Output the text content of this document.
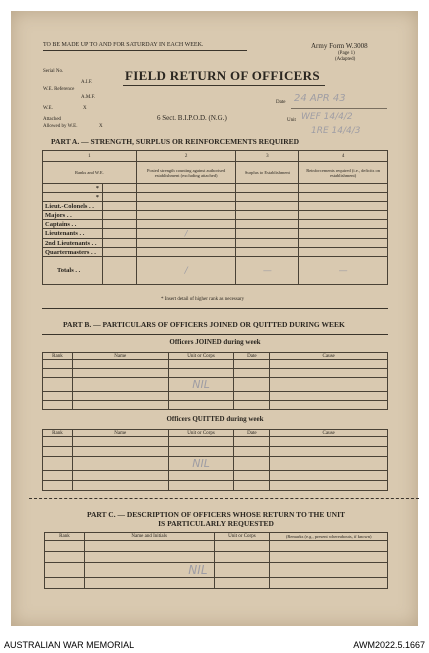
TO BE MADE UP TO AND FOR SATURDAY IN EACH WEEK.	Army Form W.3008
(Page 1)
(Adapted)
FIELD RETURN OF OFFICERS
Serial No.
A.I.F.
W.E. Reference
A.M.F.
W.E.	X
Attached
Allowed by W.E.	X
Date 24 APR 43
6 Sect. B.I.P.O.D. (N.G.)	Unit WEF 14/4/2
1RE 14/4/3
PART A. — STRENGTH, SURPLUS OR REINFORCEMENTS REQUIRED
1		2	3	4
Ranks and W.E.		Posted strength counting against authorised establishment (excluding attached)	Surplus to Establishment	Reinforcements required (i.e., deficits on establishment)
*				
*				
Lieut.-Colonels . .				
Majors . .				
Captains . .				
Lieutenants . .		/		
2nd Lieutenants . .				
Quartermasters . .				
Totals . .		/	—	—
* Insert detail of higher rank as necessary
PART B. — PARTICULARS OF OFFICERS JOINED OR QUITTED DURING WEEK
Officers JOINED during week
Rank	Name	Unit or Corps	Date	Cause

		NIL		

Officers QUITTED during week
Rank	Name	Unit or Corps	Date	Cause

		NIL		

PART C. — DESCRIPTION OF OFFICERS WHOSE RETURN TO THE UNIT
IS PARTICULARLY REQUESTED
Rank	Name and Initials	Unit or Corps	(Remarks (e.g., present whereabouts, if known)

	NIL		

AUSTRALIAN WAR MEMORIAL	AWM2022.5.1667
